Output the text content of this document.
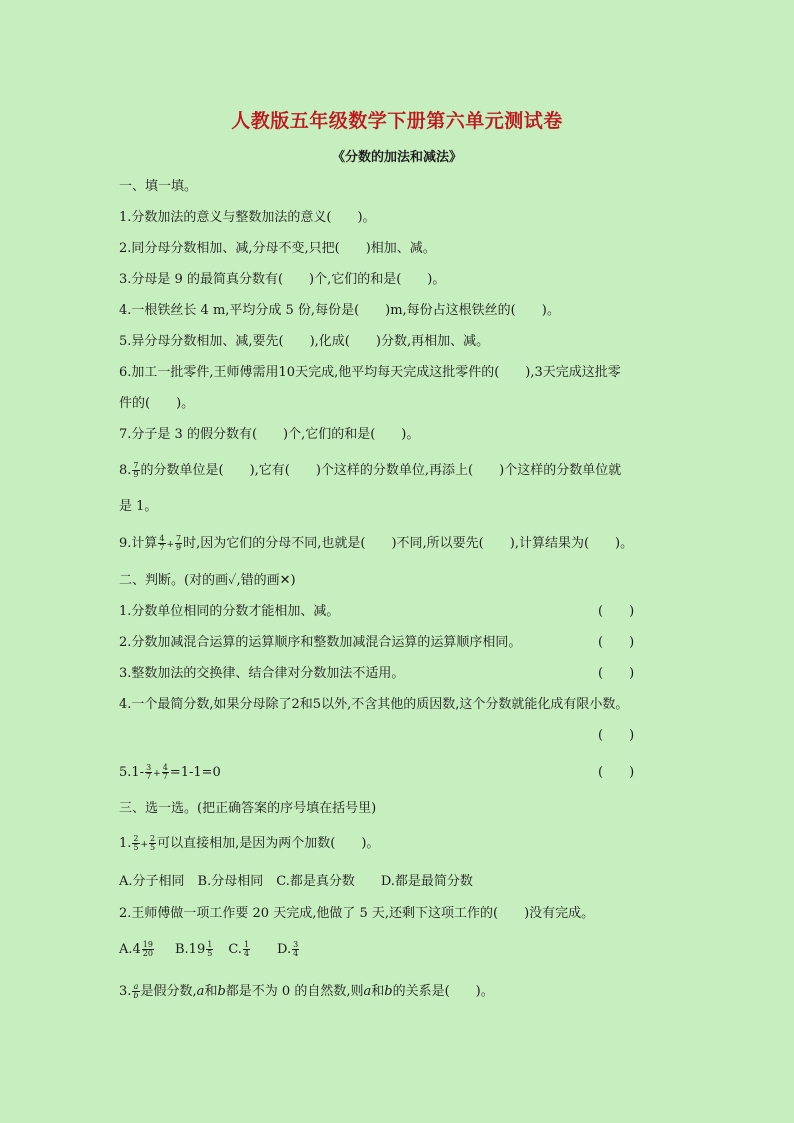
人教版五年级数学下册第六单元测试卷
《分数的加法和减法》
一、填一填。
1.分数加法的意义与整数加法的意义(　　)。
2.同分母分数相加、减,分母不变,只把(　　)相加、减。
3.分母是 9 的最简真分数有(　　)个,它们的和是(　　)。
4.一根铁丝长 4 m,平均分成 5 份,每份是(　　)m,每份占这根铁丝的(　　)。
5.异分母分数相加、减,要先(　　),化成(　　)分数,再相加、减。
6.加工一批零件,王师傅需用10天完成,他平均每天完成这批零件的(　　),3天完成这批零
件的(　　)。
7.分子是 3 的假分数有(　　)个,它们的和是(　　)。
8. $\frac{7}{9}$ 的分数单位是(　　),它有(　　)个这样的分数单位,再添上(　　)个这样的分数单位就
是 1。
9.计算 $\frac{4}{7} + \frac{7}{9}$ 时,因为它们的分母不同,也就是(　　)不同,所以要先(　　),计算结果为(　　)。
二、判断。(对的画✓,错的画✕)
1.分数单位相同的分数才能相加、减。	(　　)
2.分数加减混合运算的运算顺序和整数加减混合运算的运算顺序相同。	(　　)
3.整数加法的交换律、结合律对分数加法不适用。	(　　)
4.一个最简分数,如果分母除了2和5以外,不含其他的质因数,这个分数就能化成有限小数。
(　　)
$5.1- \frac{3}{7} + \frac{4}{7} =1-1=0$	(　　)
三、选一选。(把正确答案的序号填在括号里)
1. $\frac{2}{5} + \frac{2}{5}$ 可以直接相加,是因为两个加数(　　)。
A.分子相同　B.分母相同　C.都是真分数　　D.都是最简分数
2.王师傅做一项工作要 20 天完成,他做了 5 天,还剩下这项工作的(　　)没有完成。
$A.4 \frac{19}{20} B.19 \frac{1}{5} C$. $\frac{1}{4} D$. $\frac{3}{4}$
3. $\frac{a}{b}$ 是假分数,a和b都是不为 0 的自然数,则a和b的关系是(　　)。
